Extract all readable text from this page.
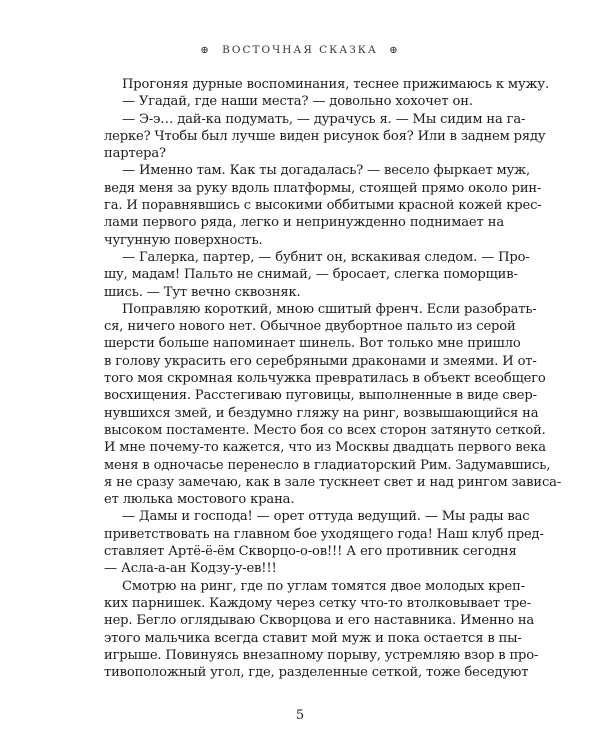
⊕ ВОСТОЧНАЯ СКАЗКА ⊕

Прогоняя дурные воспоминания, теснее прижимаюсь к мужу.

— Угадай, где наши места? — довольно хохочет он.

— Э-э… дай-ка подумать, — дурачусь я. — Мы сидим на га-
лерке? Чтобы был лучше виден рисунок боя? Или в заднем ряду
партера?

— Именно там. Как ты догадалась? — весело фыркает муж,
ведя меня за руку вдоль платформы, стоящей прямо около рин-
га. И поравнявшись с высокими оббитыми красной кожей крес-
лами первого ряда, легко и непринужденно поднимает на
чугунную поверхность.

— Галерка, партер, — бубнит он, вскакивая следом. — Про-
шу, мадам! Пальто не снимай, — бросает, слегка поморщив-
шись. — Тут вечно сквозняк.

Поправляю короткий, мною сшитый френч. Если разобрать-
ся, ничего нового нет. Обычное двубортное пальто из серой
шерсти больше напоминает шинель. Вот только мне пришло
в голову украсить его серебряными драконами и змеями. И от-
того моя скромная кольчужка превратилась в объект всеобщего
восхищения. Расстегиваю пуговицы, выполненные в виде свер-
нувшихся змей, и бездумно гляжу на ринг, возвышающийся на
высоком постаменте. Место боя со всех сторон затянуто сеткой.
И мне почему-то кажется, что из Москвы двадцать первого века
меня в одночасье перенесло в гладиаторский Рим. Задумавшись,
я не сразу замечаю, как в зале тускнеет свет и над рингом зависа-
ет люлька мостового крана.

— Дамы и господа! — орет оттуда ведущий. — Мы рады вас
приветствовать на главном бое уходящего года! Наш клуб пред-
ставляет Артё-ё-ём Скворцо-о-ов!!! А его противник сегодня
— Асла-а-ан Кодзу-у-ев!!!

Смотрю на ринг, где по углам томятся двое молодых креп-
ких парнишек. Каждому через сетку что-то втолковывает тре-
нер. Бегло оглядываю Скворцова и его наставника. Именно на
этого мальчика всегда ставит мой муж и пока остается в пы-
игрыше. Повинуясь внезапному порыву, устремляю взор в про-
тивоположный угол, где, разделенные сеткой, тоже беседуют

5
